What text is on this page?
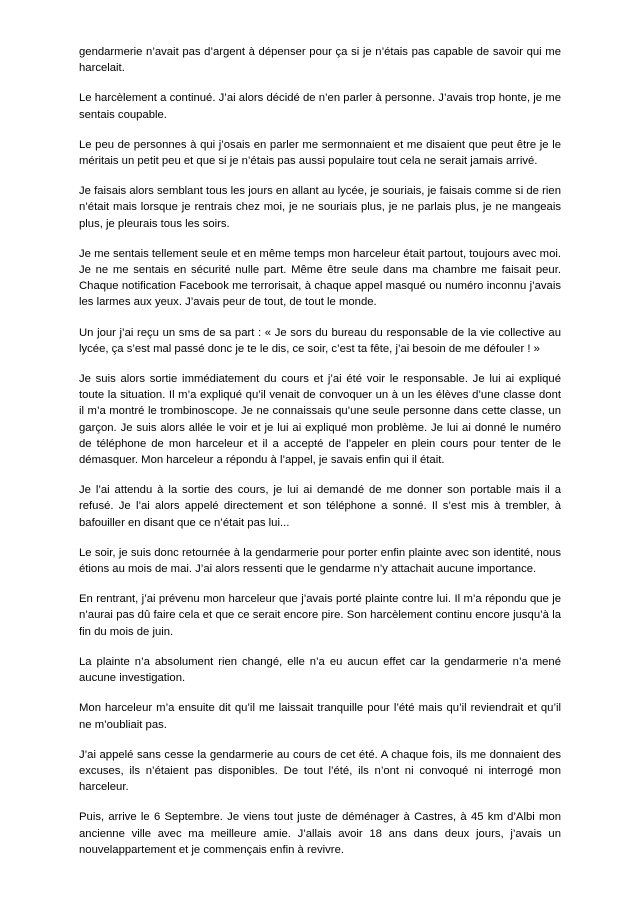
gendarmerie n’avait pas d’argent à dépenser pour ça si je n’étais pas capable de savoir qui me harcelait.

Le harcèlement a continué. J’ai alors décidé de n’en parler à personne. J’avais trop honte, je me sentais coupable.

Le peu de personnes à qui j’osais en parler me sermonnaient et me disaient que peut être je le méritais un petit peu et que si je n’étais pas aussi populaire tout cela ne serait jamais arrivé.

Je faisais alors semblant tous les jours en allant au lycée, je souriais, je faisais comme si de rien n’était mais lorsque je rentrais chez moi, je ne souriais plus, je ne parlais plus, je ne mangeais plus, je pleurais tous les soirs.

Je me sentais tellement seule et en même temps mon harceleur était partout, toujours avec moi. Je ne me sentais en sécurité nulle part. Même être seule dans ma chambre me faisait peur. Chaque notification Facebook me terrorisait, à chaque appel masqué ou numéro inconnu j’avais les larmes aux yeux. J’avais peur de tout, de tout le monde.

Un jour j’ai reçu un sms de sa part : « Je sors du bureau du responsable de la vie collective au lycée, ça s’est mal passé donc je te le dis, ce soir, c’est ta fête, j’ai besoin de me défouler ! »

Je suis alors sortie immédiatement du cours et j’ai été voir le responsable. Je lui ai expliqué toute la situation. Il m’a expliqué qu’il venait de convoquer un à un les élèves d’une classe dont il m’a montré le trombinoscope. Je ne connaissais qu’une seule personne dans cette classe, un garçon. Je suis alors allée le voir et je lui ai expliqué mon problème. Je lui ai donné le numéro de téléphone de mon harceleur et il a accepté de l’appeler en plein cours pour tenter de le démasquer. Mon harceleur a répondu à l’appel, je savais enfin qui il était.

Je l’ai attendu à la sortie des cours, je lui ai demandé de me donner son portable mais il a refusé. Je l’ai alors appelé directement et son téléphone a sonné. Il s’est mis à trembler, à bafouiller en disant que ce n’était pas lui...

Le soir, je suis donc retournée à la gendarmerie pour porter enfin plainte avec son identité, nous étions au mois de mai. J’ai alors ressenti que le gendarme n’y attachait aucune importance.

En rentrant, j’ai prévenu mon harceleur que j’avais porté plainte contre lui. Il m’a répondu que je n’aurai pas dû faire cela et que ce serait encore pire. Son harcèlement continu encore jusqu’à la fin du mois de juin.

La plainte n’a absolument rien changé, elle n’a eu aucun effet car la gendarmerie n’a mené aucune investigation.

Mon harceleur m’a ensuite dit qu’il me laissait tranquille pour l’été mais qu’il reviendrait et qu’il ne m’oubliait pas.

J’ai appelé sans cesse la gendarmerie au cours de cet été. A chaque fois, ils me donnaient des excuses, ils n’étaient pas disponibles. De tout l’été, ils n’ont ni convoqué ni interrogé mon harceleur.

Puis, arrive le 6 Septembre. Je viens tout juste de déménager à Castres, à 45 km d’Albi mon ancienne ville avec ma meilleure amie. J’allais avoir 18 ans dans deux jours, j’avais un nouvelappartement et je commençais enfin à revivre.
